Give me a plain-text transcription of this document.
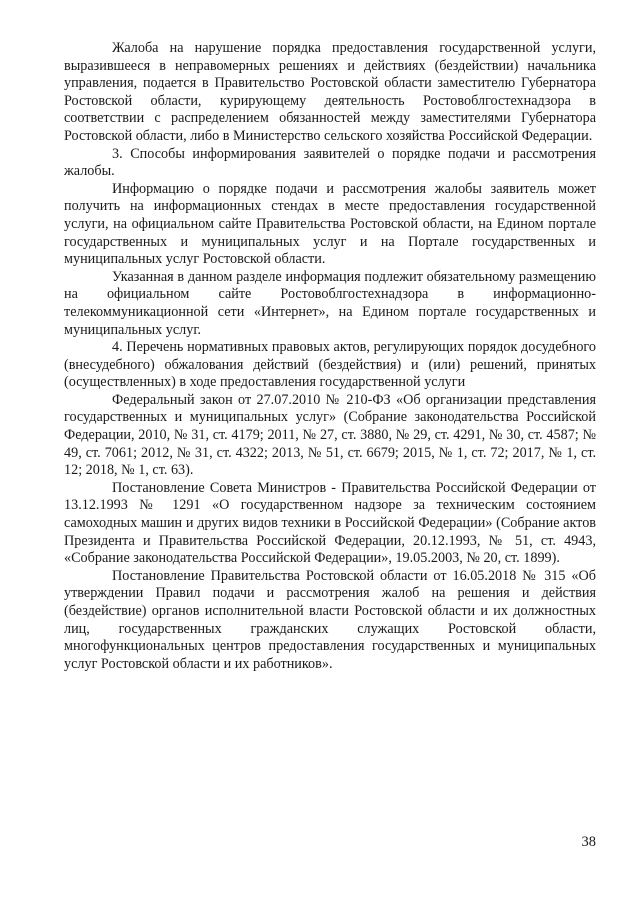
Жалоба на нарушение порядка предоставления государственной услуги, выразившееся в неправомерных решениях и действиях (бездействии) начальника управления, подается в Правительство Ростовской области заместителю Губернатора Ростовской области, курирующему деятельность Ростовоблгостехнадзора в соответствии с распределением обязанностей между заместителями Губернатора Ростовской области, либо в Министерство сельского хозяйства Российской Федерации.

3. Способы информирования заявителей о порядке подачи и рассмотрения жалобы.

Информацию о порядке подачи и рассмотрения жалобы заявитель может получить на информационных стендах в месте предоставления государственной услуги, на официальном сайте Правительства Ростовской области, на Едином портале государственных и муниципальных услуг и на Портале государственных и муниципальных услуг Ростовской области.

Указанная в данном разделе информация подлежит обязательному размещению на официальном сайте Ростовоблгостехнадзора в информационно-телекоммуникационной сети «Интернет», на Едином портале государственных и муниципальных услуг.

4. Перечень нормативных правовых актов, регулирующих порядок досудебного (внесудебного) обжалования действий (бездействия) и (или) решений, принятых (осуществленных) в ходе предоставления государственной услуги

Федеральный закон от 27.07.2010 № 210-ФЗ «Об организации представления государственных и муниципальных услуг» (Собрание законодательства Российской Федерации, 2010, № 31, ст. 4179; 2011, № 27, ст. 3880, № 29, ст. 4291, № 30, ст. 4587; № 49, ст. 7061; 2012, № 31, ст. 4322; 2013, № 51, ст. 6679; 2015, № 1, ст. 72; 2017, № 1, ст. 12; 2018, № 1, ст. 63).

Постановление Совета Министров - Правительства Российской Федерации от 13.12.1993 № 1291 «О государственном надзоре за техническим состоянием самоходных машин и других видов техники в Российской Федерации» (Собрание актов Президента и Правительства Российской Федерации, 20.12.1993, № 51, ст. 4943, «Собрание законодательства Российской Федерации», 19.05.2003, № 20, ст. 1899).

Постановление Правительства Ростовской области от 16.05.2018 № 315 «Об утверждении Правил подачи и рассмотрения жалоб на решения и действия (бездействие) органов исполнительной власти Ростовской области и их должностных лиц, государственных гражданских служащих Ростовской области, многофункциональных центров предоставления государственных и муниципальных услуг Ростовской области и их работников».

38
